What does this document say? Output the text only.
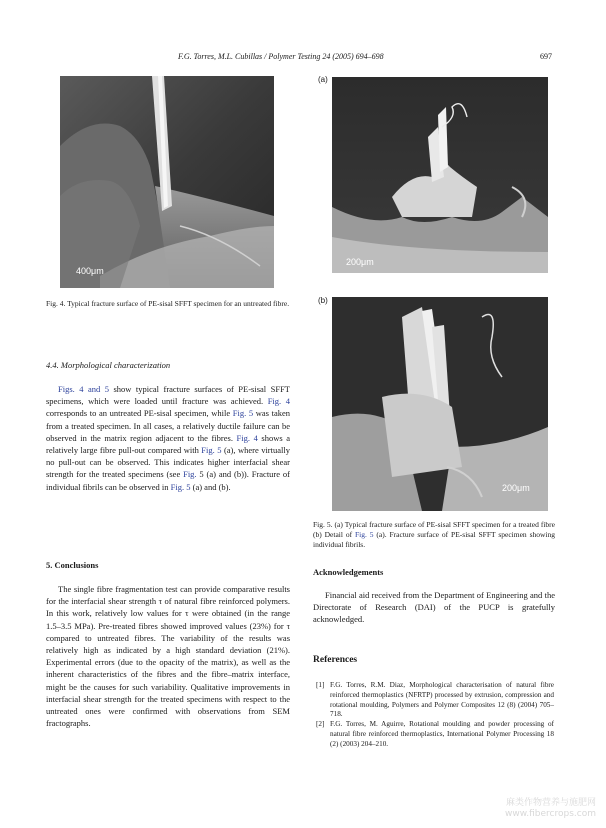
F.G. Torres, M.L. Cubillas / Polymer Testing 24 (2005) 694–698	697
400μm
Fig. 4. Typical fracture surface of PE-sisal SFFT specimen for an untreated fibre.
4.4. Morphological characterization

Figs. 4 and 5 show typical fracture surfaces of PE-sisal SFFT specimens, which were loaded until fracture was achieved. Fig. 4 corresponds to an untreated PE-sisal specimen, while Fig. 5 was taken from a treated specimen. In all cases, a relatively ductile failure can be observed in the matrix region adjacent to the fibres. Fig. 4 shows a relatively large fibre pull-out compared with Fig. 5 (a), where virtually no pull-out can be observed. This indicates higher interfacial shear strength for the treated specimens (see Fig. 5 (a) and (b)). Fracture of individual fibrils can be observed in Fig. 5 (a) and (b).

5. Conclusions

The single fibre fragmentation test can provide comparative results for the interfacial shear strength τ of natural fibre reinforced polymers. In this work, relatively low values for τ were obtained (in the range 1.5–3.5 MPa). Pre-treated fibres showed improved values (23%) for τ compared to untreated fibres. The variability of the results was relatively high as indicated by a high standard deviation (21%). Experimental errors (due to the opacity of the matrix), as well as the inherent characteristics of the fibres and the fibre–matrix interface, might be the causes for such variability. Qualitative improvements in interfacial shear strength for the treated specimens with respect to the untreated ones were confirmed with observations from SEM fractographs.

(a)
200μm
(b)
200μm
Fig. 5. (a) Typical fracture surface of PE-sisal SFFT specimen for a treated fibre (b) Detail of Fig. 5 (a). Fracture surface of PE-sisal SFFT specimen showing individual fibrils.
Acknowledgements

Financial aid received from the Department of Engineering and the Directorate of Research (DAI) of the PUCP is gratefully acknowledged.

References
[1] F.G. Torres, R.M. Diaz, Morphological characterisation of natural fibre reinforced thermoplastics (NFRTP) processed by extrusion, compression and rotational moulding, Polymers and Polymer Composites 12 (8) (2004) 705–718.
[2] F.G. Torres, M. Aguirre, Rotational moulding and powder processing of natural fibre reinforced thermoplastics, International Polymer Processing 18 (2) (2003) 204–210.
麻类作物营养与施肥网
www.fibercrops.com
